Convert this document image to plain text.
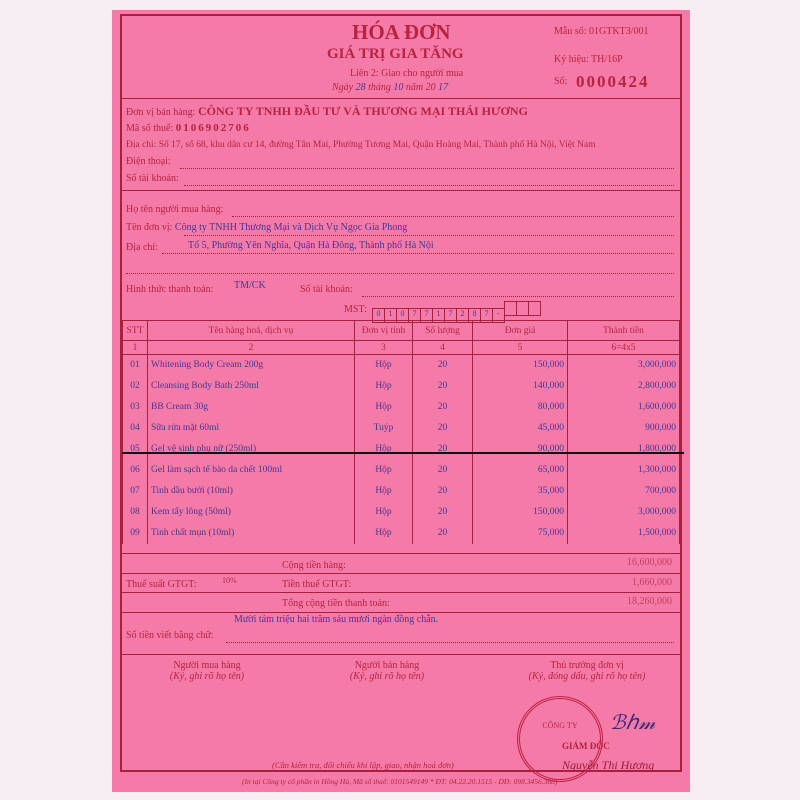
HÓA ĐƠN
GIÁ TRỊ GIA TĂNG
Liên 2: Giao cho người mua
Ngày 28 tháng 10 năm 20 17
Mẫu số: 01GTKT3/001
Ký hiệu: TH/16P
Số: 0000424
Đơn vị bán hàng: CÔNG TY TNHH ĐẦU TƯ VÀ THƯƠNG MẠI THÁI HƯƠNG
Mã số thuế: 0106902706
Địa chỉ: Số 17, số 68, khu dân cư 14, đường Tân Mai, Phường Tương Mai, Quận Hoàng Mai, Thành phố Hà Nội, Việt Nam
Điện thoại:
Số tài khoản:
Họ tên người mua hàng:
Tên đơn vị: Công ty TNHH Thương Mại và Dịch Vụ Ngọc Gia Phong
Địa chỉ:	Tổ 5, Phường Yên Nghĩa, Quận Hà Đông, Thành phố Hà Nội
Hình thức thanh toán: TM/CK	Số tài khoản:
MST:	0 1 0 7 7 1 7 2 8 7 -
STT	Tên hàng hoá, dịch vụ	Đơn vị tính	Số lượng	Đơn giá	Thành tiền
1	2	3	4	5	6=4x5
01	Whitening Body Cream 200g	Hộp	20	150,000	3,000,000
02	Cleansing Body Bath 250ml	Hộp	20	140,000	2,800,000
03	BB Cream 30g	Hộp	20	80,000	1,600,000
04	Sữa rửa mặt 60ml	Tuýp	20	45,000	900,000
05	Gel vệ sinh phụ nữ (250ml)	Hộp	20	90,000	1,800,000
06	Gel làm sạch tế bào da chết 100ml	Hộp	20	65,000	1,300,000
07	Tinh dầu bưởi (10ml)	Hộp	20	35,000	700,000
08	Kem tẩy lông (50ml)	Hộp	20	150,000	3,000,000
09	Tinh chất mụn (10ml)	Hộp	20	75,000	1,500,000
Cộng tiền hàng:	16,600,000
Thuế suất GTGT:	10%	Tiền thuế GTGT:	1,660,000
Tổng cộng tiền thanh toán:	18,260,000
Mười tám triệu hai trăm sáu mươi ngàn đồng chẵn.
Số tiền viết bằng chữ:
Người mua hàng
(Ký, ghi rõ họ tên)
Người bán hàng
(Ký, ghi rõ họ tên)
Thủ trưởng đơn vị
(Ký, đóng dấu, ghi rõ họ tên)
CÔNG TY
GIÁM ĐỐC
ℬℎ𝓂
Nguyễn Thị Hương
(Cần kiểm tra, đối chiếu khi lập, giao, nhận hoá đơn)
(In tại Công ty cổ phần in Hồng Hà, Mã số thuế: 0101549149 * ĐT: 04.22.20.1515 - DĐ: 098.3456.368)
